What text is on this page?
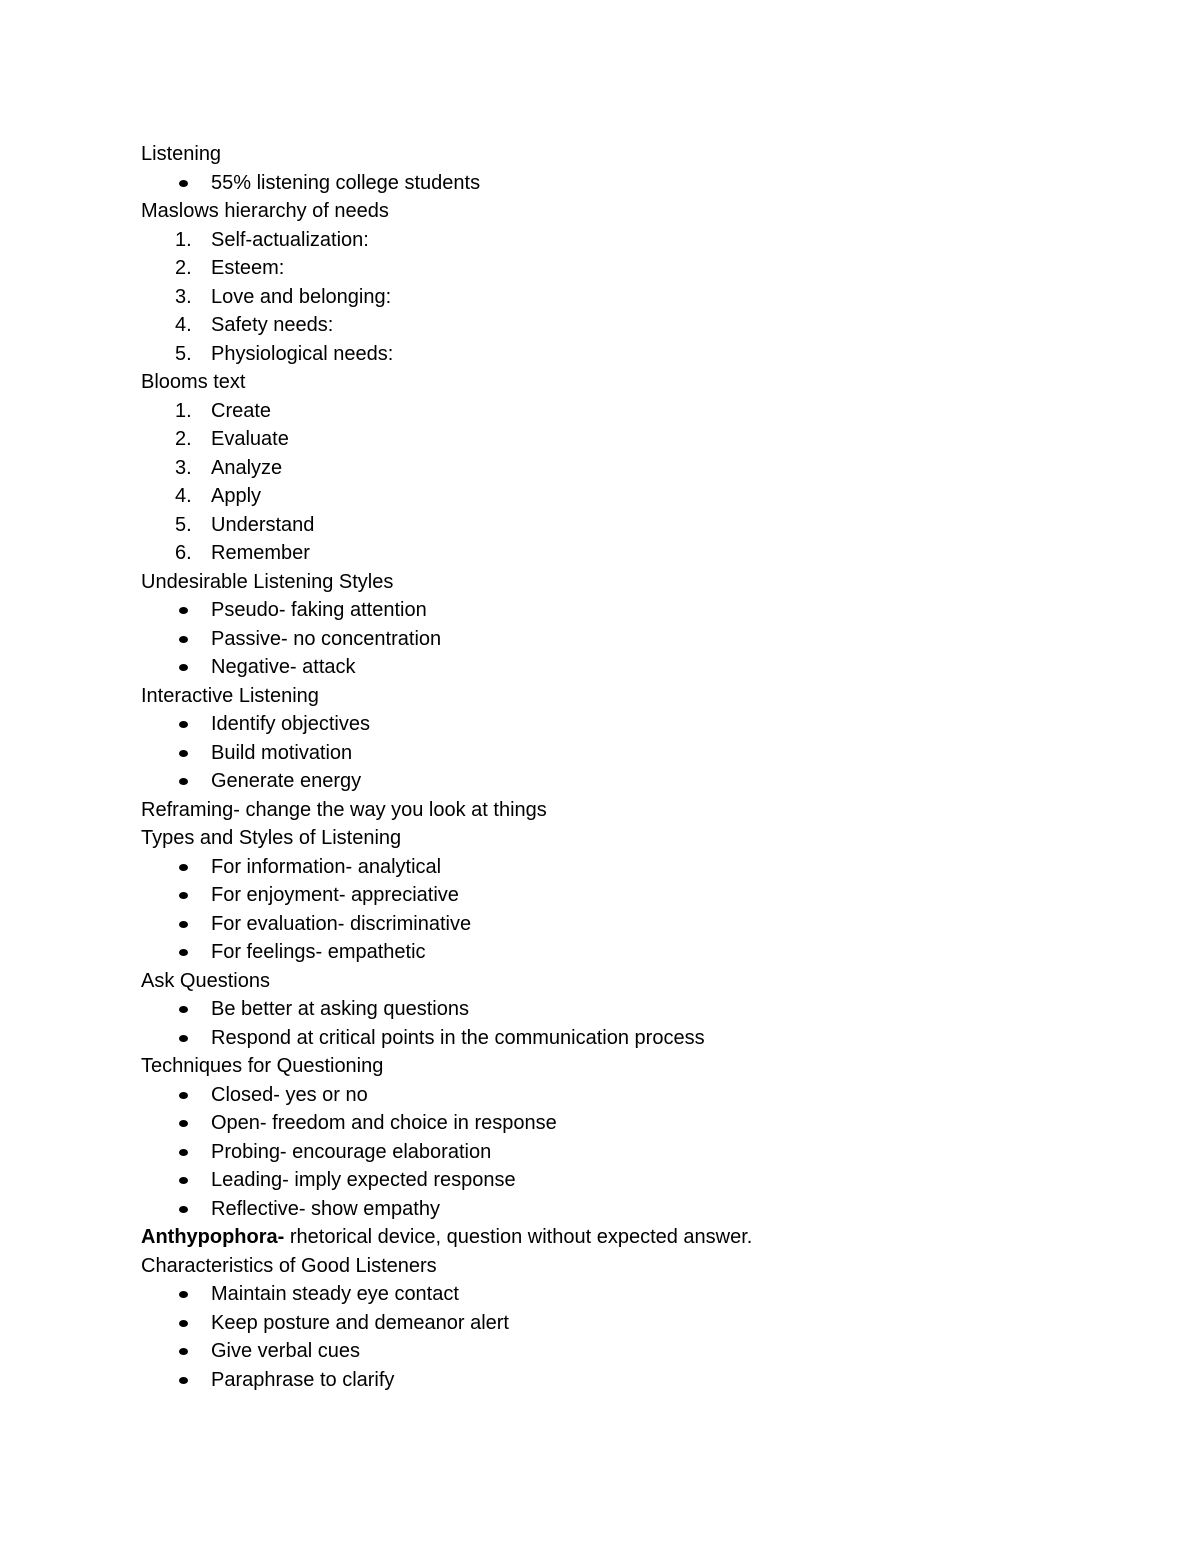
Listening
55% listening college students
Maslows hierarchy of needs
1. Self-actualization:
2. Esteem:
3. Love and belonging:
4. Safety needs:
5. Physiological needs:
Blooms text
1. Create
2. Evaluate
3. Analyze
4. Apply
5. Understand
6. Remember
Undesirable Listening Styles
Pseudo- faking attention
Passive- no concentration
Negative- attack
Interactive Listening
Identify objectives
Build motivation
Generate energy
Reframing- change the way you look at things
Types and Styles of Listening
For information- analytical
For enjoyment- appreciative
For evaluation- discriminative
For feelings- empathetic
Ask Questions
Be better at asking questions
Respond at critical points in the communication process
Techniques for Questioning
Closed- yes or no
Open- freedom and choice in response
Probing- encourage elaboration
Leading- imply expected response
Reflective- show empathy
Anthypophora- rhetorical device, question without expected answer.
Characteristics of Good Listeners
Maintain steady eye contact
Keep posture and demeanor alert
Give verbal cues
Paraphrase to clarify
